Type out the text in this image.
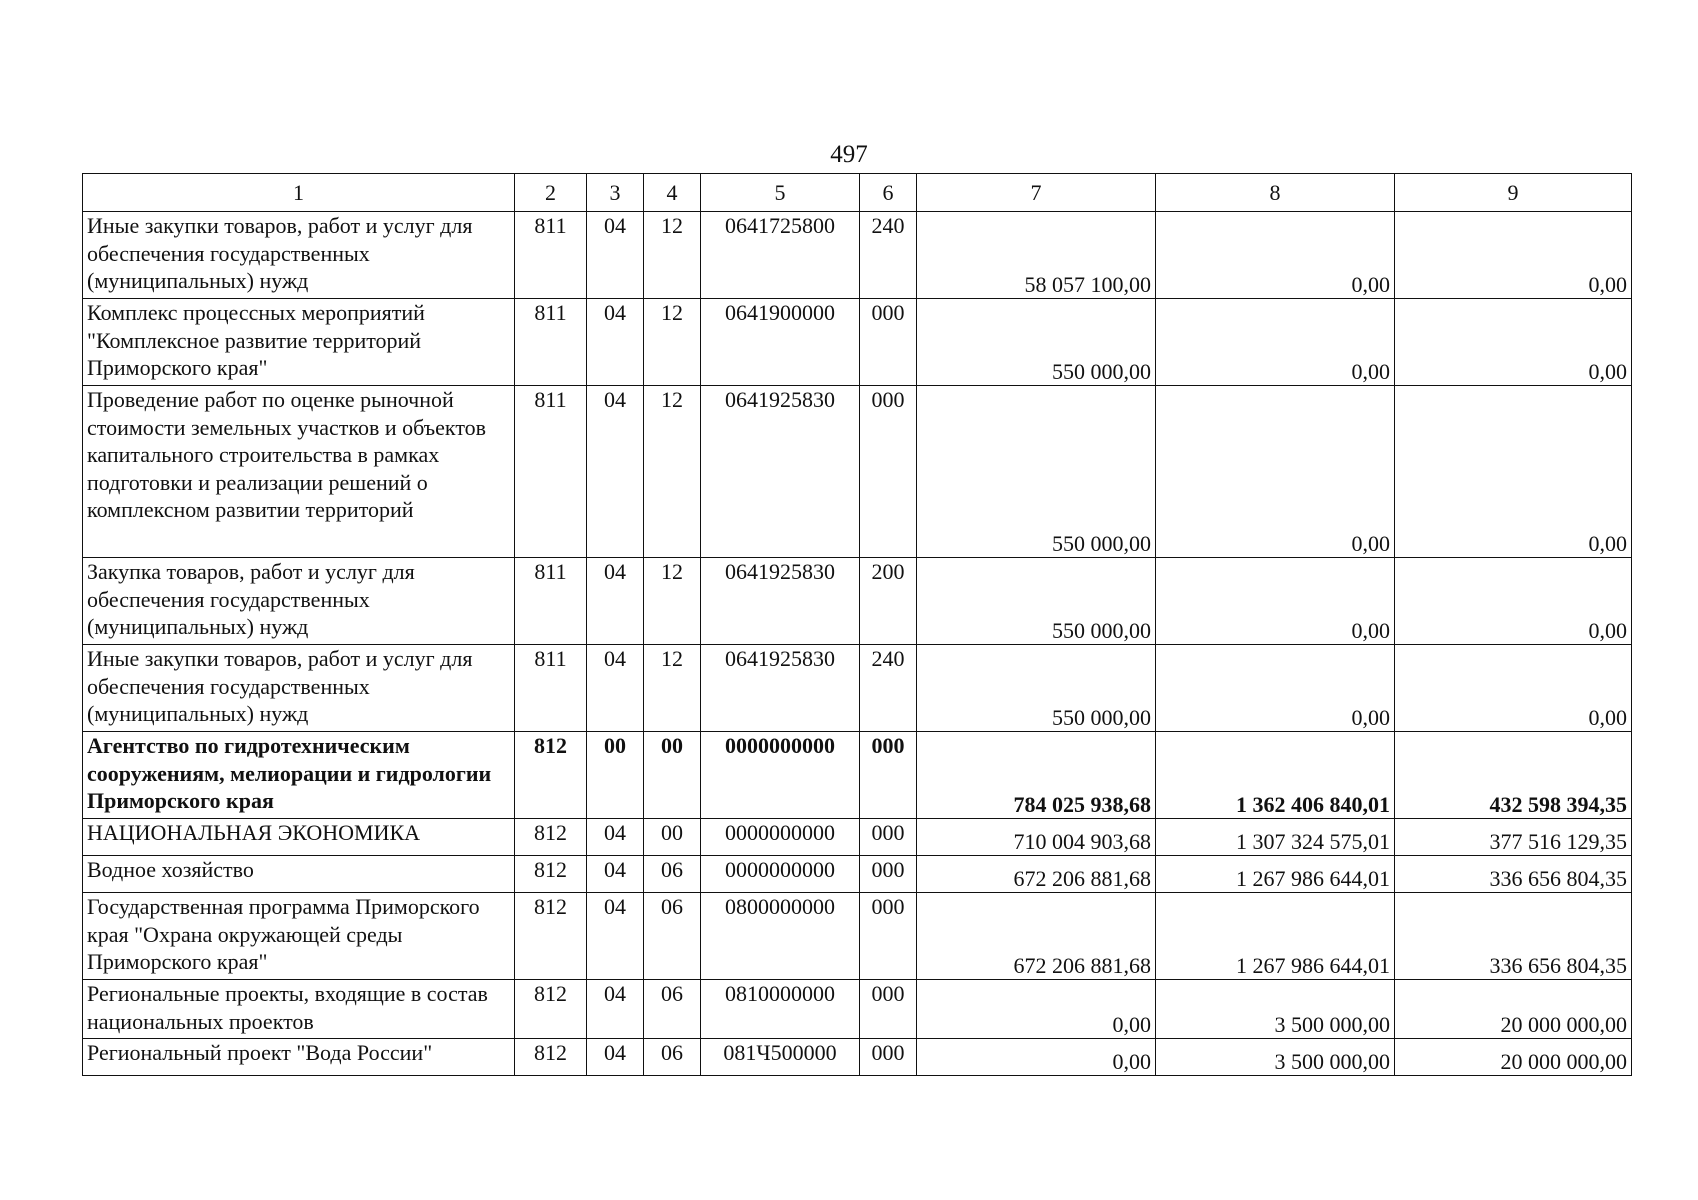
497
1	2	3	4	5	6	7	8	9
Иные закупки товаров, работ и услуг для обеспечения государственных (муниципальных) нужд	811	04	12	0641725800	240	58 057 100,00	0,00	0,00
Комплекс процессных мероприятий "Комплексное развитие территорий Приморского края"	811	04	12	0641900000	000	550 000,00	0,00	0,00
Проведение работ по оценке рыночной стоимости земельных участков и объектов капитального строительства в рамках подготовки и реализации решений о комплексном развитии территорий	811	04	12	0641925830	000	550 000,00	0,00	0,00
Закупка товаров, работ и услуг для обеспечения государственных (муниципальных) нужд	811	04	12	0641925830	200	550 000,00	0,00	0,00
Иные закупки товаров, работ и услуг для обеспечения государственных (муниципальных) нужд	811	04	12	0641925830	240	550 000,00	0,00	0,00
Агентство по гидротехническим сооружениям, мелиорации и гидрологии Приморского края	812	00	00	0000000000	000	784 025 938,68	1 362 406 840,01	432 598 394,35
НАЦИОНАЛЬНАЯ ЭКОНОМИКА	812	04	00	0000000000	000	710 004 903,68	1 307 324 575,01	377 516 129,35
Водное хозяйство	812	04	06	0000000000	000	672 206 881,68	1 267 986 644,01	336 656 804,35
Государственная программа Приморского края "Охрана окружающей среды Приморского края"	812	04	06	0800000000	000	672 206 881,68	1 267 986 644,01	336 656 804,35
Региональные проекты, входящие в состав национальных проектов	812	04	06	0810000000	000	0,00	3 500 000,00	20 000 000,00
Региональный проект "Вода России"	812	04	06	081Ч500000	000	0,00	3 500 000,00	20 000 000,00
